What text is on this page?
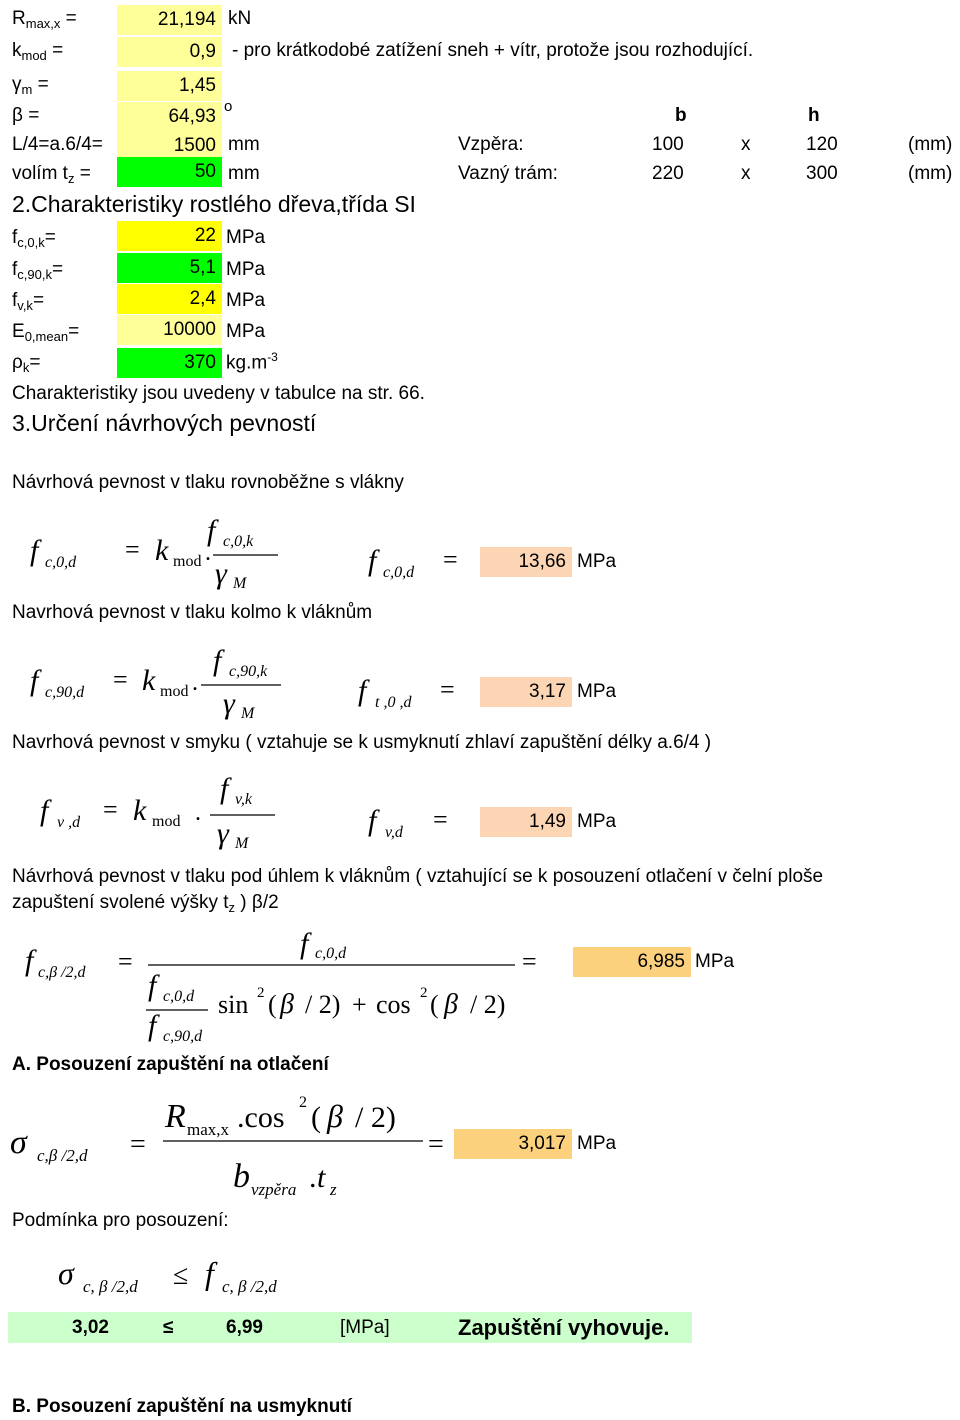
$R_{max,x}$ =	21,194 kN
$k_{mod}$ =	0,9 - pro krátkodobé zatížení sneh + vítr, protože jsou rozhodující.
$\gamma_m$ =	1,45
β =	64,93 o
L/4=a.6/4=	1500 mm
volím $t_z$ =	50 mm
b	h
Vzpěra:	100	x	120	(mm)
Vazný trám:	220	x	300	(mm)
2.Charakteristiky rostlého dřeva,třída SI
$f_{c,0,k}=$	22 MPa
$f_{c,90,k}=$	5,1 MPa
$f_{v,k}=$	2,4 MPa
$E_{0,mean}=$	10000 MPa
$\rho_k=$	370 $kg.m^{-3}$
Charakteristiky jsou uvedeny v tabulce na str. 66.
3.Určení návrhových pevností
Návrhová pevnost v tlaku rovnoběžne s vlákny
f c,0,d = k mod .
f c,0,k
γ M
f c,0,d =	13,66 MPa
Navrhová pevnost v tlaku kolmo k vláknům
f c,90,d = k mod .
f c,90,k
γ M
f t ,0 ,d =	3,17 MPa
Navrhová pevnost v smyku ( vztahuje se k usmyknutí zhlaví zapuštění délky a.6/4 )
f v ,d = k mod .
f v,k
γ M
f v,d =	1,49 MPa
Návrhová pevnost v tlaku pod úhlem k vláknům ( vztahující se k posouzení otlačení v čelní ploše
zapuštení svolené výšky $t_z$ ) β/2
f c,β /2,d =
f c,0,d
f c,0,d
f c,90,d
sin 2 ( β / 2) + cos 2 ( β / 2)
=	6,985 MPa
A. Posouzení zapuštění na otlačení
σ c,β /2,d =
R max,x .cos 2 ( β / 2)
b vzpěra . t z
=	3,017 MPa
Podmínka pro posouzení:
σ c, β /2,d ≤ f c, β /2,d
3,02	≤	6,99	[MPa]	Zapuštění vyhovuje.
B. Posouzení zapuštění na usmyknutí
